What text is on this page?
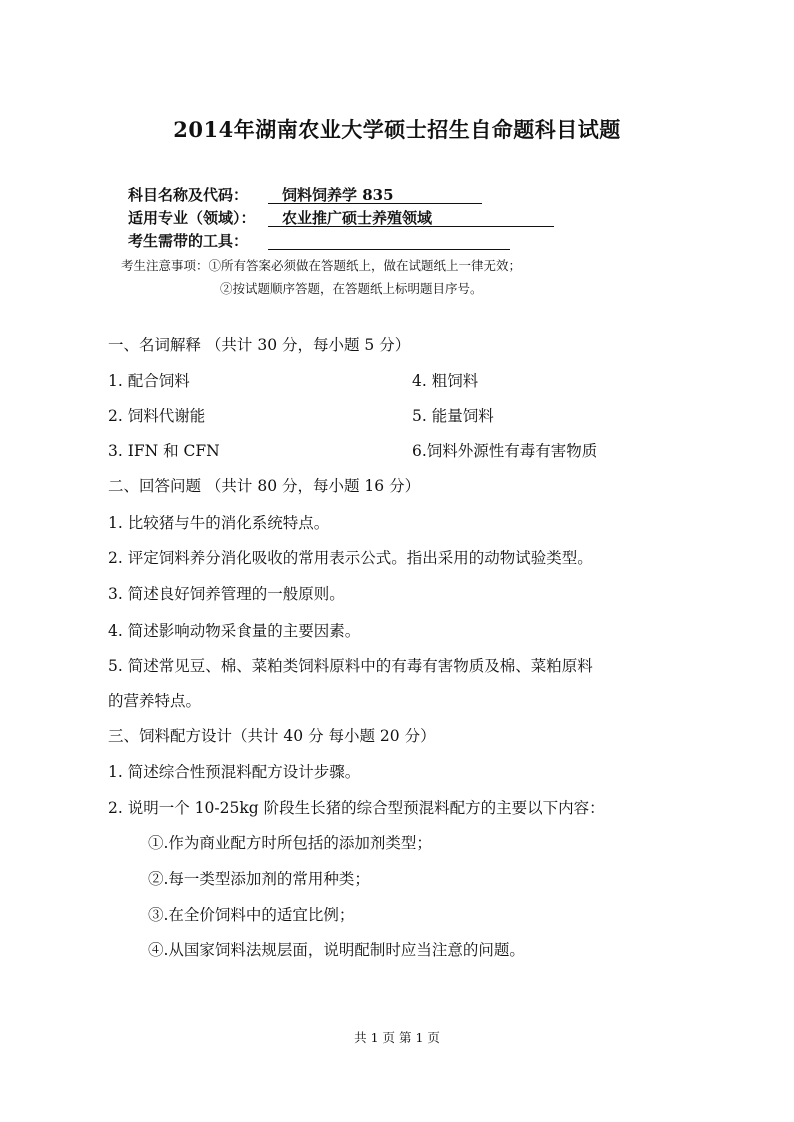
2014年湖南农业大学硕士招生自命题科目试题
科目名称及代码：	饲料饲养学 835
适用专业（领域）：	农业推广硕士养殖领域
考生需带的工具：
考生注意事项：①所有答案必须做在答题纸上，做在试题纸上一律无效；
②按试题顺序答题，在答题纸上标明题目序号。
一、名词解释 （共计 30 分，每小题 5 分）
1. 配合饲料
2. 饲料代谢能
3. IFN 和 CFN
4. 粗饲料
5. 能量饲料
6.饲料外源性有毒有害物质
二、回答问题 （共计 80 分，每小题 16 分）
1. 比较猪与牛的消化系统特点。
2. 评定饲料养分消化吸收的常用表示公式。指出采用的动物试验类型。
3. 简述良好饲养管理的一般原则。
4. 简述影响动物采食量的主要因素。
5. 简述常见豆、棉、菜粕类饲料原料中的有毒有害物质及棉、菜粕原料
的营养特点。
三、饲料配方设计（共计 40 分 每小题 20 分）
1. 简述综合性预混料配方设计步骤。
2. 说明一个 10-25kg 阶段生长猪的综合型预混料配方的主要以下内容：
①.作为商业配方时所包括的添加剂类型；
②.每一类型添加剂的常用种类；
③.在全价饲料中的适宜比例；
④.从国家饲料法规层面，说明配制时应当注意的问题。
共 1 页 第 1 页
